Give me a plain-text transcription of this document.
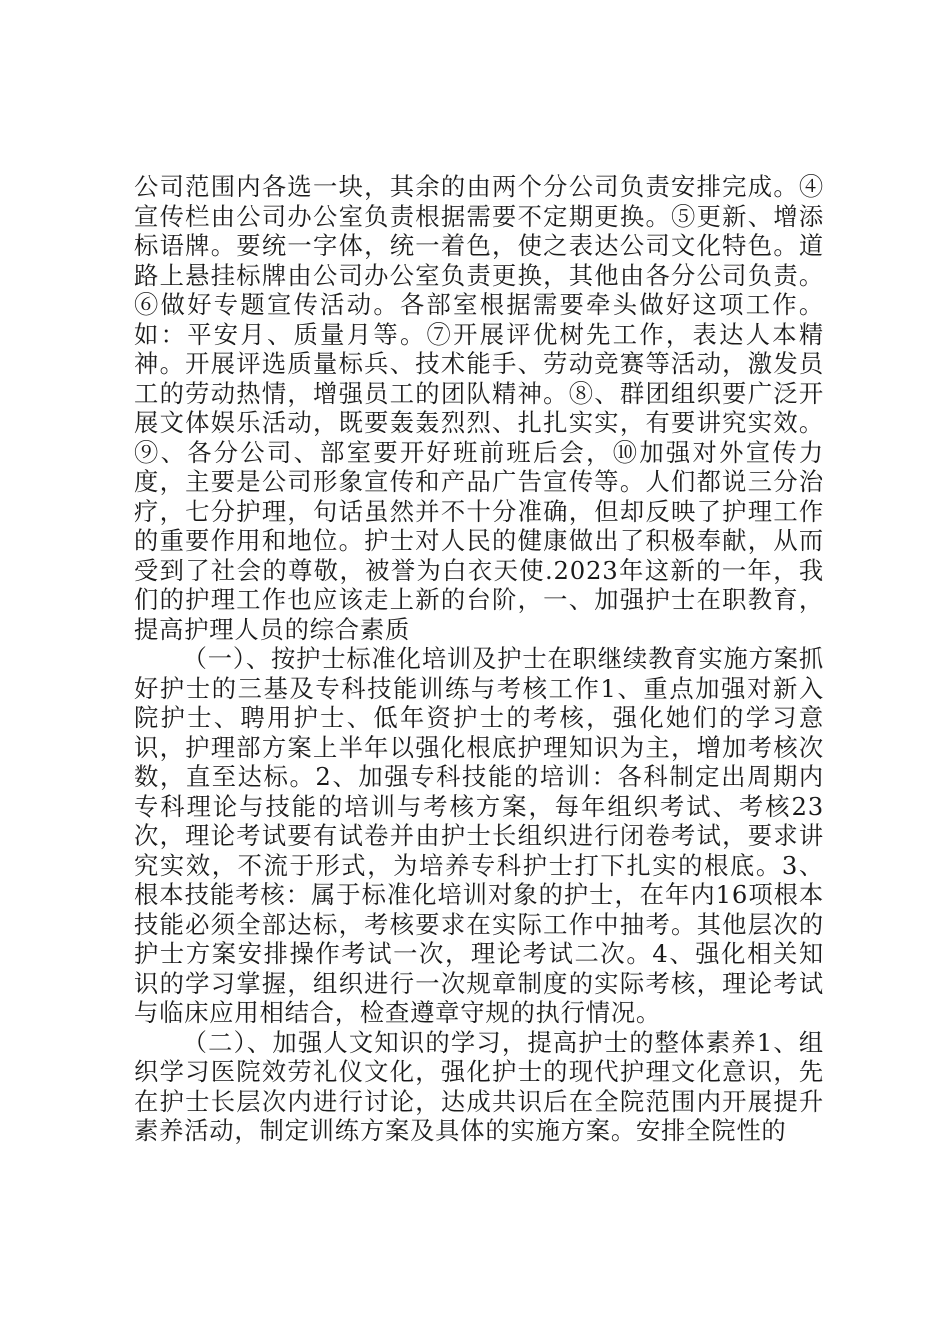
公司范围内各选一块，其余的由两个分公司负责安排完成。④宣传栏由公司办公室负责根据需要不定期更换。⑤更新、增添标语牌。要统一字体，统一着色，使之表达公司文化特色。道路上悬挂标牌由公司办公室负责更换，其他由各分公司负责。⑥做好专题宣传活动。各部室根据需要牵头做好这项工作。如：平安月、质量月等。⑦开展评优树先工作，表达人本精神。开展评选质量标兵、技术能手、劳动竞赛等活动，激发员工的劳动热情，增强员工的团队精神。⑧、群团组织要广泛开展文体娱乐活动，既要轰轰烈烈、扎扎实实，有要讲究实效。⑨、各分公司、部室要开好班前班后会，⑩加强对外宣传力度，主要是公司形象宣传和产品广告宣传等。人们都说三分治疗，七分护理，句话虽然并不十分准确，但却反映了护理工作的重要作用和地位。护士对人民的健康做出了积极奉献，从而受到了社会的尊敬，被誉为白衣天使.2023年这新的一年，我们的护理工作也应该走上新的台阶，一、加强护士在职教育，提高护理人员的综合素质

（一）、按护士标准化培训及护士在职继续教育实施方案抓好护士的三基及专科技能训练与考核工作1、重点加强对新入院护士、聘用护士、低年资护士的考核，强化她们的学习意识，护理部方案上半年以强化根底护理知识为主，增加考核次数，直至达标。2、加强专科技能的培训：各科制定出周期内专科理论与技能的培训与考核方案，每年组织考试、考核23次，理论考试要有试卷并由护士长组织进行闭卷考试，要求讲究实效，不流于形式，为培养专科护士打下扎实的根底。3、根本技能考核：属于标准化培训对象的护士，在年内16项根本技能必须全部达标，考核要求在实际工作中抽考。其他层次的护士方案安排操作考试一次，理论考试二次。4、强化相关知识的学习掌握，组织进行一次规章制度的实际考核，理论考试与临床应用相结合，检查遵章守规的执行情况。

（二）、加强人文知识的学习，提高护士的整体素养1、组织学习医院效劳礼仪文化，强化护士的现代护理文化意识，先在护士长层次内进行讨论，达成共识后在全院范围内开展提升素养活动，制定训练方案及具体的实施方案。安排全院性的
